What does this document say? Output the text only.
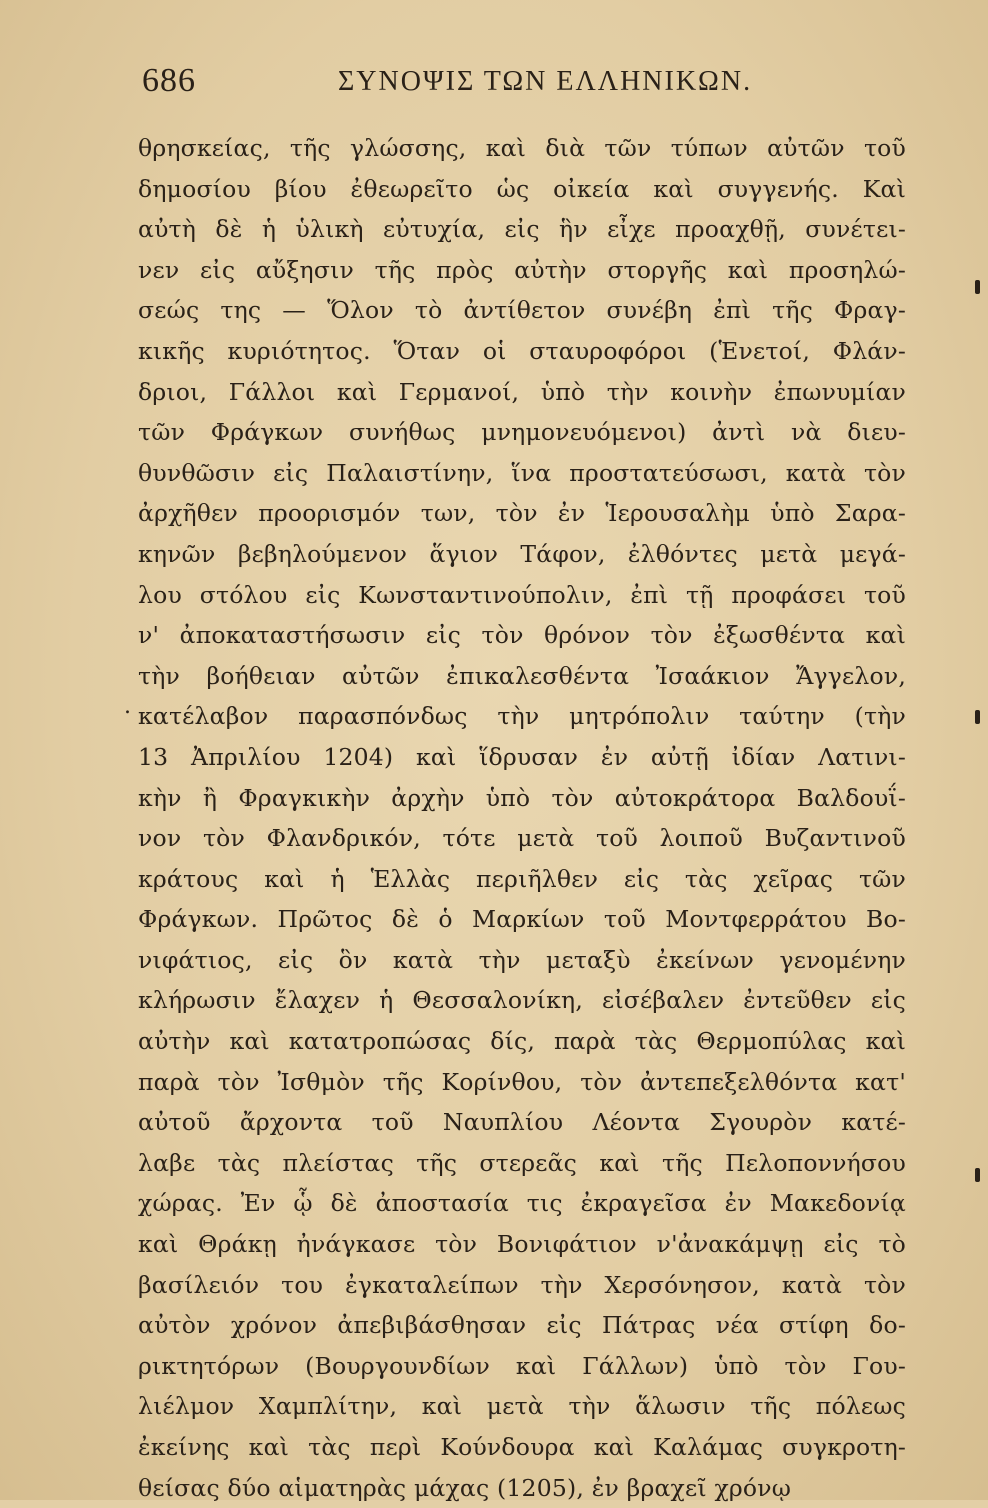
686	ΣΥΝΟΨΙΣ ΤΩΝ ΕΛΛΗΝΙΚΩΝ.
θρησκείας, τῆς γλώσσης, καὶ διὰ τῶν τύπων αὐτῶν τοῦ
δημοσίου βίου ἐθεωρεῖτο ὡς οἰκεία καὶ συγγενής. Καὶ
αὐτὴ δὲ ἡ ὑλικὴ εὐτυχία, εἰς ἣν εἶχε προαχθῇ, συνέτει-
νεν εἰς αὔξησιν τῆς πρὸς αὐτὴν στοργῆς καὶ προσηλώ-
σεώς της — Ὅλον τὸ ἀντίθετον συνέβη ἐπὶ τῆς Φραγ-
κικῆς κυριότητος. Ὅταν οἱ σταυροφόροι (Ἑνετοί, Φλάν-
δριοι, Γάλλοι καὶ Γερμανοί, ὑπὸ τὴν κοινὴν ἐπωνυμίαν
τῶν Φράγκων συνήθως μνημονευόμενοι) ἀντὶ νὰ διευ-
θυνθῶσιν εἰς Παλαιστίνην, ἵνα προστατεύσωσι, κατὰ τὸν
ἀρχῆθεν προορισμόν των, τὸν ἐν Ἱερουσαλὴμ ὑπὸ Σαρα-
κηνῶν βεβηλούμενον ἅγιον Τάφον, ἐλθόντες μετὰ μεγά-
λου στόλου εἰς Κωνσταντινούπολιν, ἐπὶ τῇ προφάσει τοῦ
ν' ἀποκαταστήσωσιν εἰς τὸν θρόνον τὸν ἐξωσθέντα καὶ
τὴν βοήθειαν αὐτῶν ἐπικαλεσθέντα Ἰσαάκιον Ἄγγελον,
κατέλαβον παρασπόνδως τὴν μητρόπολιν ταύτην (τὴν
13 Ἀπριλίου 1204) καὶ ἵδρυσαν ἐν αὐτῇ ἰδίαν Λατινι-
κὴν ἢ Φραγκικὴν ἀρχὴν ὑπὸ τὸν αὐτοκράτορα Βαλδουΐ-
νον τὸν Φλανδρικόν, τότε μετὰ τοῦ λοιποῦ Βυζαντινοῦ
κράτους καὶ ἡ Ἑλλὰς περιῆλθεν εἰς τὰς χεῖρας τῶν
Φράγκων. Πρῶτος δὲ ὁ Μαρκίων τοῦ Μοντφερράτου Βο-
νιφάτιος, εἰς ὃν κατὰ τὴν μεταξὺ ἐκείνων γενομένην
κλήρωσιν ἔλαχεν ἡ Θεσσαλονίκη, εἰσέβαλεν ἐντεῦθεν εἰς
αὐτὴν καὶ κατατροπώσας δίς, παρὰ τὰς Θερμοπύλας καὶ
παρὰ τὸν Ἰσθμὸν τῆς Κορίνθου, τὸν ἀντεπεξελθόντα κατ'
αὐτοῦ ἄρχοντα τοῦ Ναυπλίου Λέοντα Σγουρὸν κατέ-
λαβε τὰς πλείστας τῆς στερεᾶς καὶ τῆς Πελοποννήσου
χώρας. Ἐν ᾧ δὲ ἀποστασία τις ἐκραγεῖσα ἐν Μακεδονίᾳ
καὶ Θράκῃ ἠνάγκασε τὸν Βονιφάτιον ν'ἀνακάμψῃ εἰς τὸ
βασίλειόν του ἐγκαταλείπων τὴν Χερσόνησον, κατὰ τὸν
αὐτὸν χρόνον ἀπεβιβάσθησαν εἰς Πάτρας νέα στίφη δο-
ρικτητόρων (Βουργουνδίων καὶ Γάλλων) ὑπὸ τὸν Γου-
λιέλμον Χαμπλίτην, καὶ μετὰ τὴν ἅλωσιν τῆς πόλεως
ἐκείνης καὶ τὰς περὶ Κούνδουρα καὶ Καλάμας συγκροτη-
θείσας δύο αἱματηρὰς μάχας (1205), ἐν βραχεῖ χρόνῳ
.
